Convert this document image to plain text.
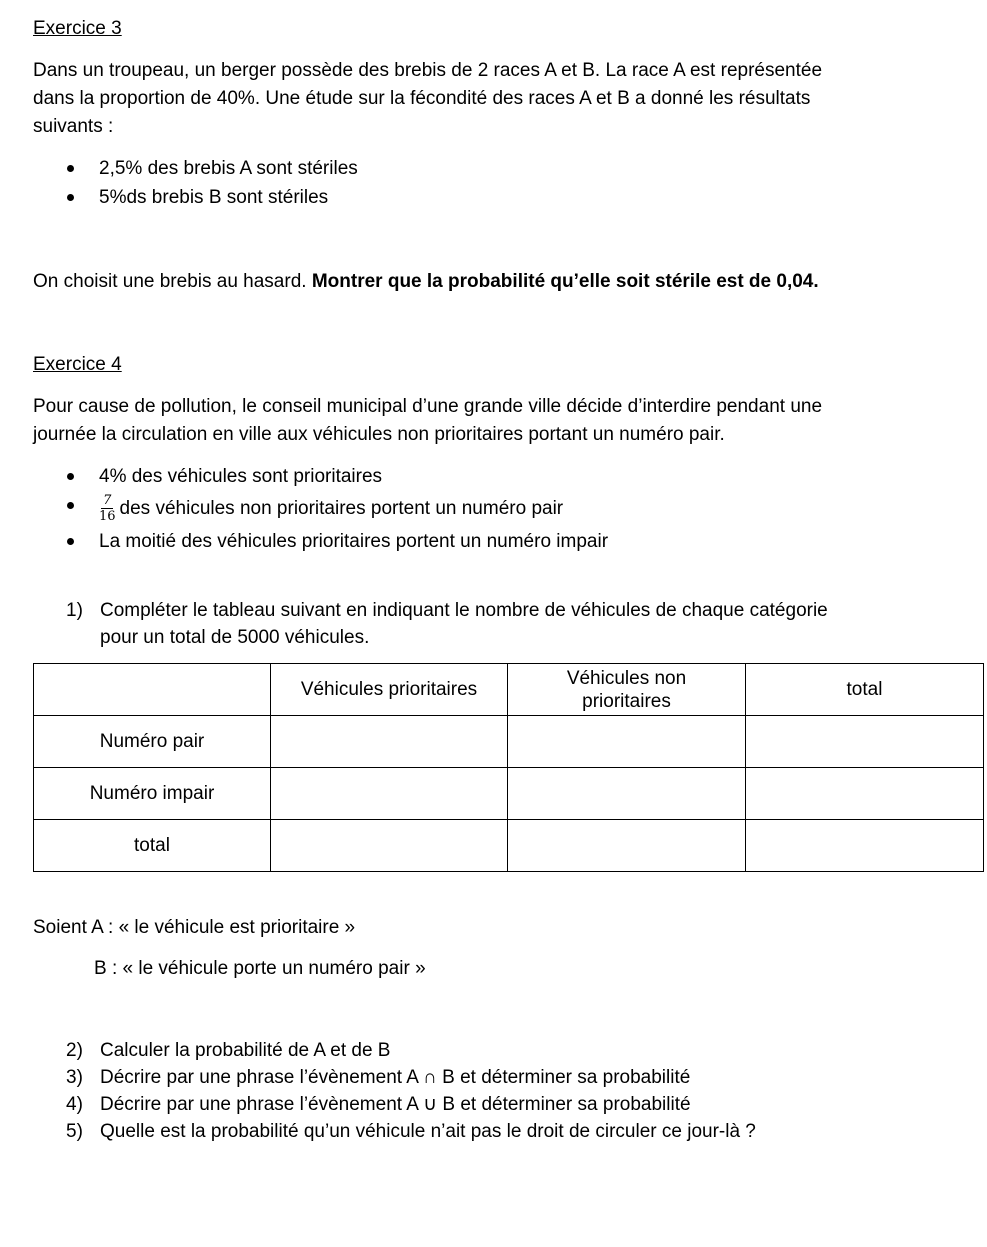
Exercice 3

Dans un troupeau, un berger possède des brebis de 2 races A et B. La race A est représentée

dans la proportion de 40%. Une étude sur la fécondité des races A et B a donné les résultats

suivants :

2,5% des brebis A sont stériles
5%ds brebis B sont stériles

On choisit une brebis au hasard. Montrer que la probabilité qu’elle soit stérile est de 0,04.

Exercice 4

Pour cause de pollution, le conseil municipal d’une grande ville décide d’interdire pendant une

journée la circulation en ville aux véhicules non prioritaires portant un numéro pair.

4% des véhicules sont prioritaires
$\frac{7}{16}$ des véhicules non prioritaires portent un numéro pair
La moitié des véhicules prioritaires portent un numéro impair
1) Compléter le tableau suivant en indiquant le nombre de véhicules de chaque catégorie
pour un total de 5000 véhicules.
	Véhicules prioritaires	Véhicules non
prioritaires	total
Numéro pair			
Numéro impair			
total			

Soient A : « le véhicule est prioritaire »

B : « le véhicule porte un numéro pair »

2) Calculer la probabilité de A et de B
3) Décrire par une phrase l’évènement A ∩ B et déterminer sa probabilité
4) Décrire par une phrase l’évènement A ∪ B et déterminer sa probabilité
5) Quelle est la probabilité qu’un véhicule n’ait pas le droit de circuler ce jour-là ?
